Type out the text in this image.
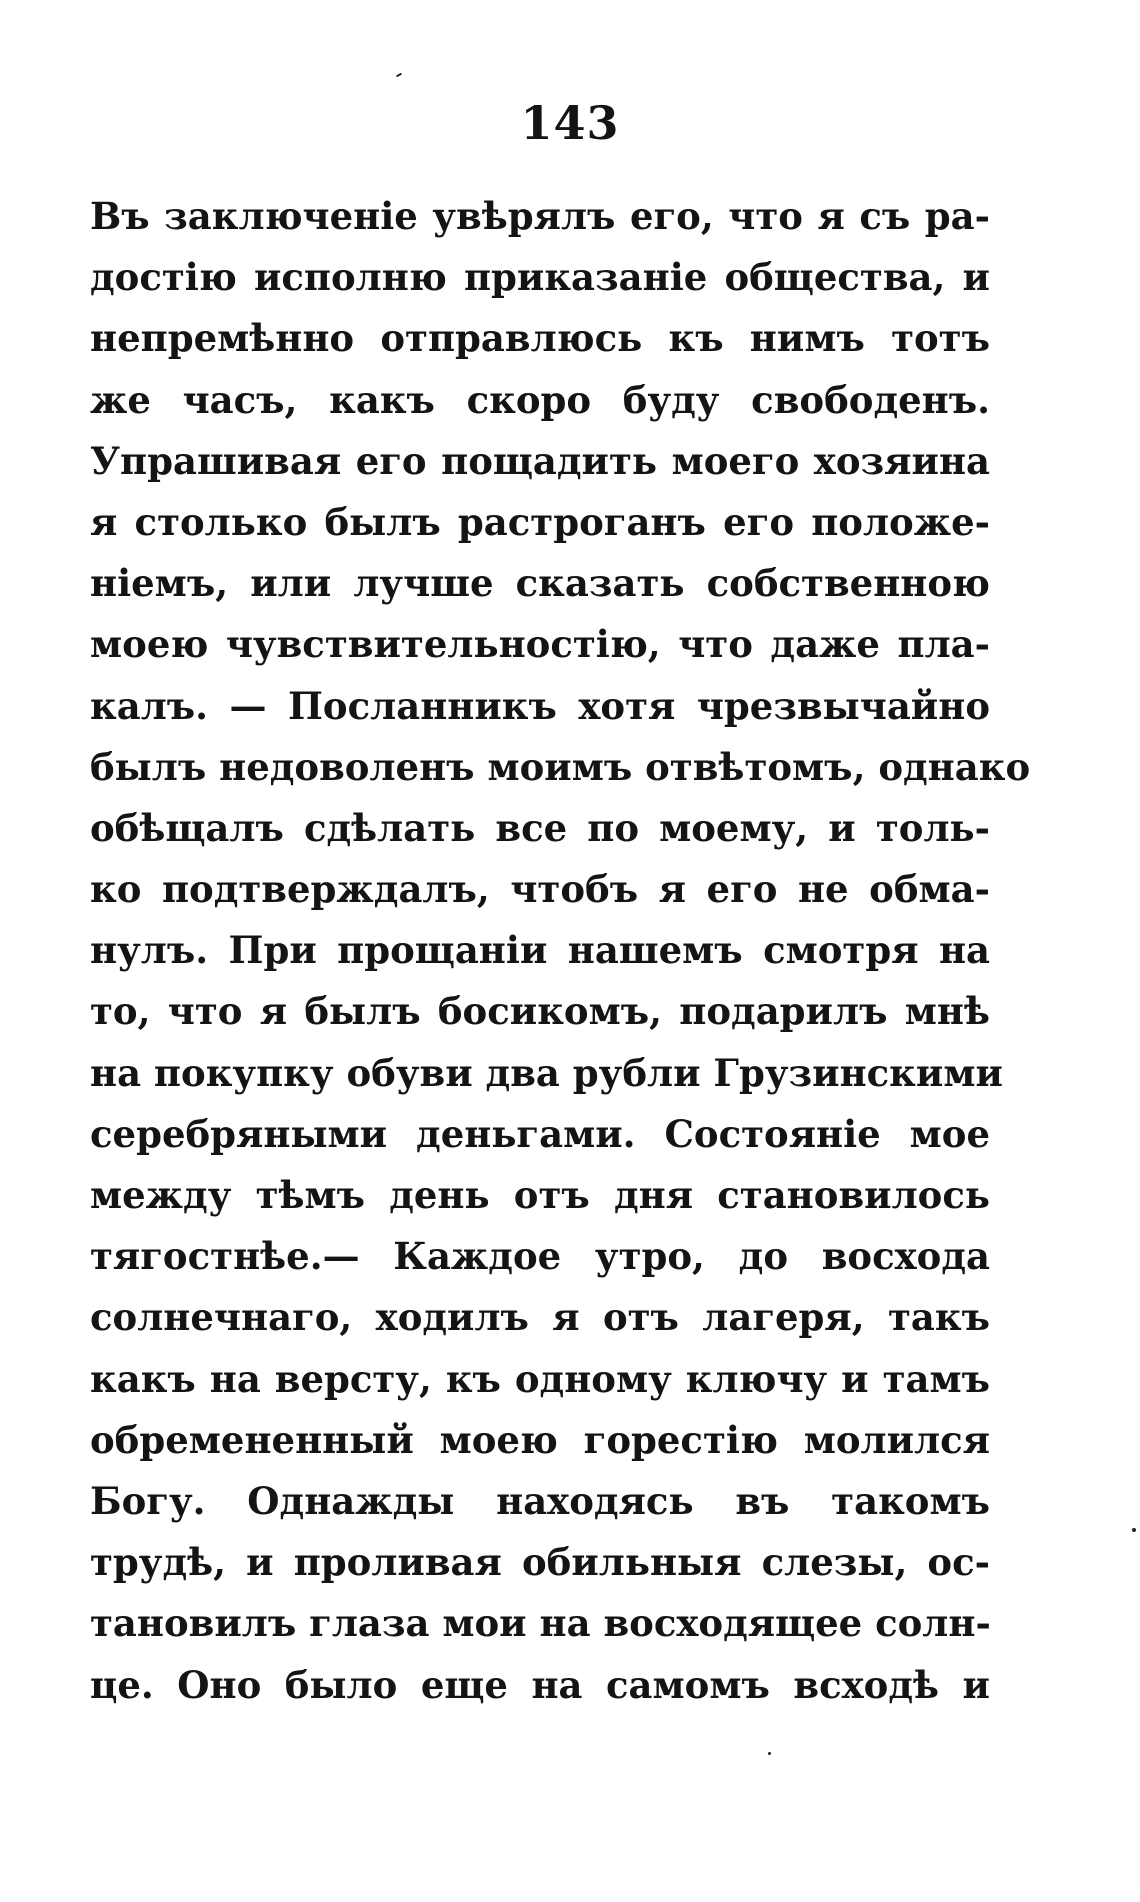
143
Въ заключеніе увѣрялъ его, что я съ ра-
достію исполню приказаніе общества, и
непремѣнно отправлюсь къ нимъ тотъ
же часъ, какъ скоро буду свободенъ.
Упрашивая его пощадить моего хозяина
я столько былъ растроганъ его положе-
ніемъ, или лучше сказать собственною
моею чувствительностію, что даже пла-
калъ. — Посланникъ хотя чрезвычайно
былъ недоволенъ моимъ отвѣтомъ, однако
обѣщалъ сдѣлать все по моему, и толь-
ко подтверждалъ, чтобъ я его не обма-
нулъ. При прощаніи нашемъ смотря на
то, что я былъ босикомъ, подарилъ мнѣ
на покупку обуви два рубли Грузинскими
серебряными деньгами. Состояніе мое
между тѣмъ день отъ дня становилось
тягостнѣе.— Каждое утро, до восхода
солнечнаго, ходилъ я отъ лагеря, такъ
какъ на версту, къ одному ключу и тамъ
обремененный моею горестію молился
Богу. Однажды находясь въ такомъ
трудѣ, и проливая обильныя слезы, ос-
тановилъ глаза мои на восходящее солн-
це. Оно было еще на самомъ всходѣ и
